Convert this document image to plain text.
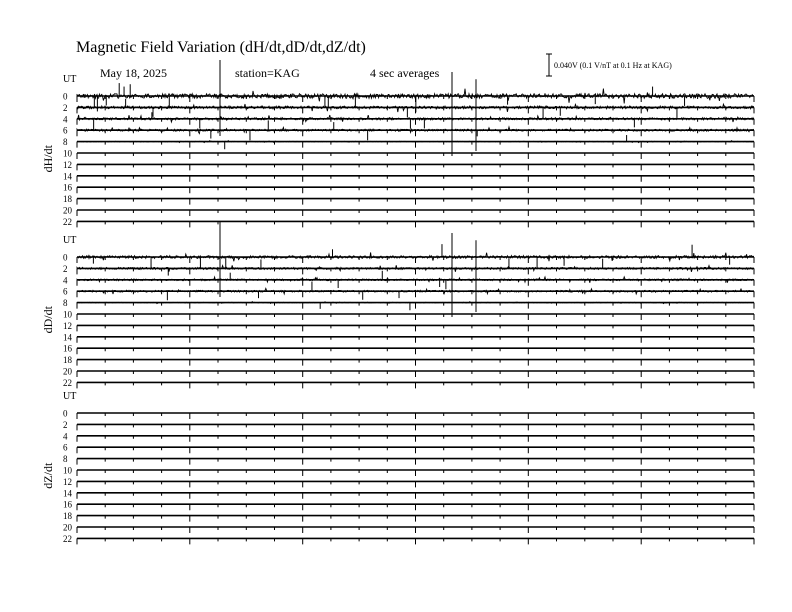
Magnetic Field Variation (dH/dt,dD/dt,dZ/dt)
May 18, 2025	station=KAG	4 sec averages
0.040V (0.1 V/nT at 0.1 Hz at KAG)
UT
dH/dt
0
2
4
6
8
10
12
14
16
18
20
22
UT
dD/dt
0
2
4
6
8
10
12
14
16
18
20
22
UT
dZ/dt
0
2
4
6
8
10
12
14
16
18
20
22
